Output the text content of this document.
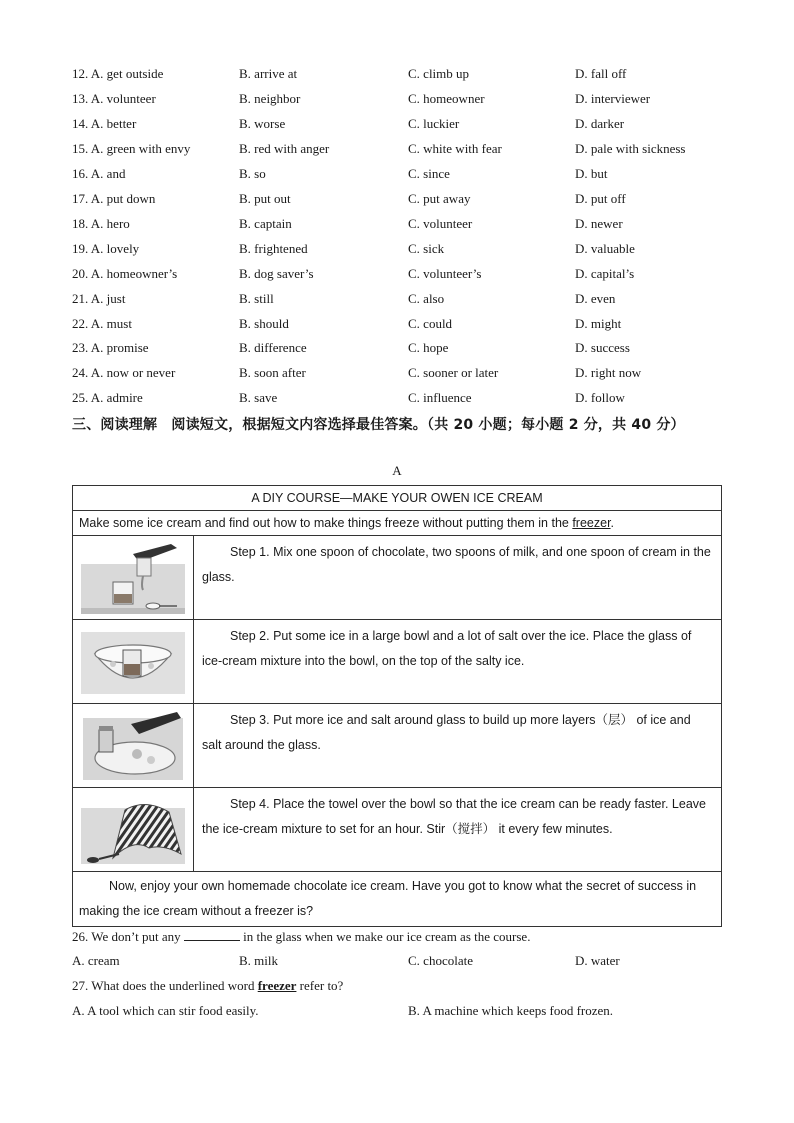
12. A. get outside	B. arrive at	C. climb up	D. fall off
13. A. volunteer	B. neighbor	C. homeowner	D. interviewer
14. A. better	B. worse	C. luckier	D. darker
15. A. green with envy	B. red with anger	C. white with fear	D. pale with sickness
16. A. and	B. so	C. since	D. but
17. A. put down	B. put out	C. put away	D. put off
18. A. hero	B. captain	C. volunteer	D. newer
19. A. lovely	B. frightened	C. sick	D. valuable
20. A. homeowner’s	B. dog saver’s	C. volunteer’s	D. capital’s
21. A. just	B. still	C. also	D. even
22. A. must	B. should	C. could	D. might
23. A. promise	B. difference	C. hope	D. success
24. A. now or never	B. soon after	C. sooner or later	D. right now
25. A. admire	B. save	C. influence	D. follow
三、阅读理解　阅读短文，根据短文内容选择最佳答案。（共 20 小题；每小题 2 分，共 40 分）
A
A DIY COURSE—MAKE YOUR OWEN ICE CREAM	
Make some ice cream and find out how to make things freeze without putting them in the freezer.	

	Step 1. Mix one spoon of chocolate, two spoons of milk, and one spoon of cream in the glass.

	Step 2. Put some ice in a large bowl and a lot of salt over the ice. Place the glass of ice-cream mixture into the bowl, on the top of the salty ice.

	Step 3. Put more ice and salt around glass to build up more layers（层） of ice and salt around the glass.

	Step 4. Place the towel over the bowl so that the ice cream can be ready faster. Leave the ice-cream mixture to set for an hour. Stir（搅拌） it every few minutes.
Now, enjoy your own homemade chocolate ice cream. Have you got to know what the secret of success in making the ice cream without a freezer is?	
26. We don’t put any	in the glass when we make our ice cream as the course.
A. cream	B. milk	C. chocolate	D. water
27. What does the underlined word freezer refer to?
A. A tool which can stir food easily.	B. A machine which keeps food frozen.
